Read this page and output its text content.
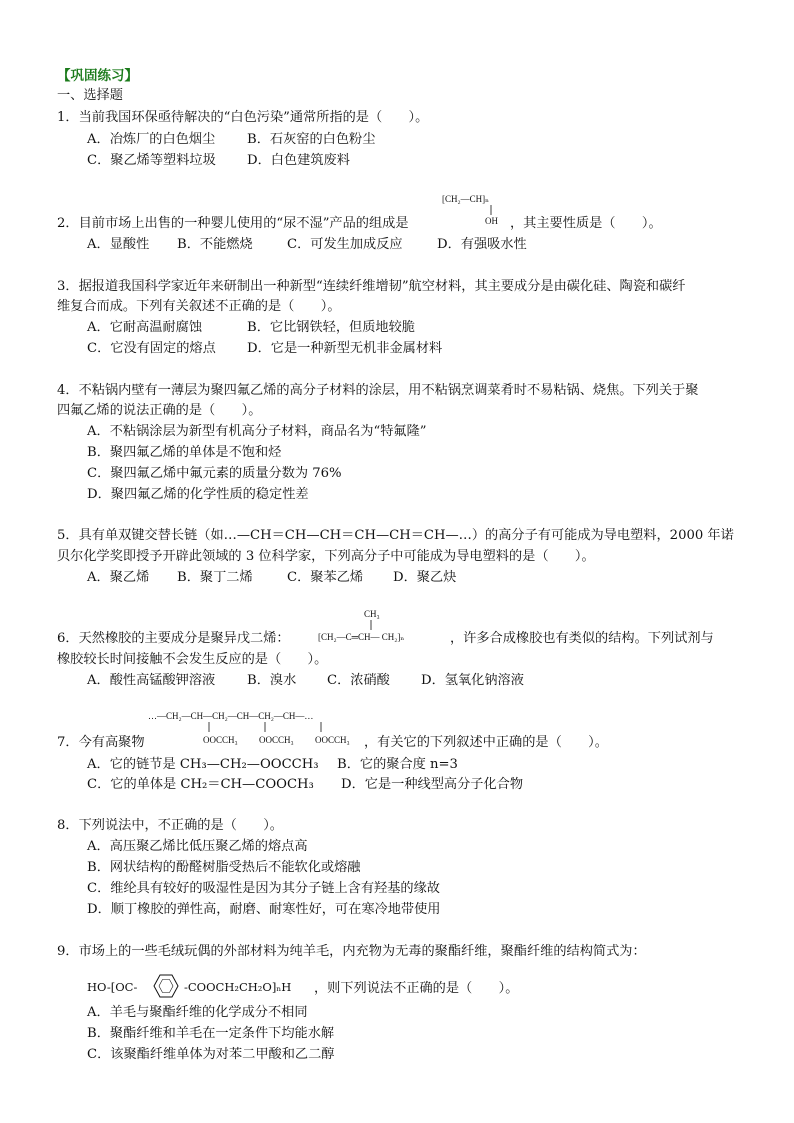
【巩固练习】
一、选择题
1．当前我国环保亟待解决的“白色污染”通常所指的是（　　）。
A．冶炼厂的白色烟尘 B．石灰窑的白色粉尘
C．聚乙烯等塑料垃圾 D．白色建筑废料
[CH₂—CH]ₙ
OH
2．目前市场上出售的一种婴儿使用的“尿不湿”产品的组成是	，其主要性质是（　　）。
A．显酸性 B．不能燃烧	C．可发生加成反应	D．有强吸水性
3．据报道我国科学家近年来研制出一种新型“连续纤维增韧”航空材料，其主要成分是由碳化硅、陶瓷和碳纤
维复合而成。下列有关叙述不正确的是（　　）。
A．它耐高温耐腐蚀	B．它比钢铁轻，但质地较脆
C．它没有固定的熔点 D．它是一种新型无机非金属材料
4．不粘锅内壁有一薄层为聚四氟乙烯的高分子材料的涂层，用不粘锅烹调菜肴时不易粘锅、烧焦。下列关于聚
四氟乙烯的说法正确的是（　　）。
A．不粘锅涂层为新型有机高分子材料，商品名为“特氟隆”
B．聚四氟乙烯的单体是不饱和烃
C．聚四氟乙烯中氟元素的质量分数为 76%
D．聚四氟乙烯的化学性质的稳定性差
5．具有单双键交替长链（如…—CH＝CH—CH＝CH—CH＝CH—…）的高分子有可能成为导电塑料，2000 年诺
贝尔化学奖即授予开辟此领域的 3 位科学家，下列高分子中可能成为导电塑料的是（　　）。
A．聚乙烯 B．聚丁二烯	C．聚苯乙烯 D．聚乙炔
CH₃
[CH₂—C═CH— CH₂]ₙ
6．天然橡胶的主要成分是聚异戊二烯：	，许多合成橡胶也有类似的结构。下列试剂与
橡胶较长时间接触不会发生反应的是（　　）。
A．酸性高锰酸钾溶液 B．溴水 C．浓硝酸 D．氢氧化钠溶液
…—CH₂—CH—CH₂—CH—CH₂—CH—…
OOCCH₃ OOCCH₃ OOCCH₃
7．今有高聚物	，有关它的下列叙述中正确的是（　　）。
A．它的链节是 CH₃—CH₂—OOCCH₃ B．它的聚合度 n=3
C．它的单体是 CH₂＝CH—COOCH₃ D．它是一种线型高分子化合物
8．下列说法中，不正确的是（　　）。
A．高压聚乙烯比低压聚乙烯的熔点高
B．网状结构的酚醛树脂受热后不能软化或熔融
C．维纶具有较好的吸湿性是因为其分子链上含有羟基的缘故
D．顺丁橡胶的弹性高，耐磨、耐寒性好，可在寒冷地带使用
9．市场上的一些毛绒玩偶的外部材料为纯羊毛，内充物为无毒的聚酯纤维，聚酯纤维的结构简式为：
HO-[OC-	-COOCH₂CH₂O]ₙH ，则下列说法不正确的是（　　）。
A．羊毛与聚酯纤维的化学成分不相同
B．聚酯纤维和羊毛在一定条件下均能水解
C．该聚酯纤维单体为对苯二甲酸和乙二醇
